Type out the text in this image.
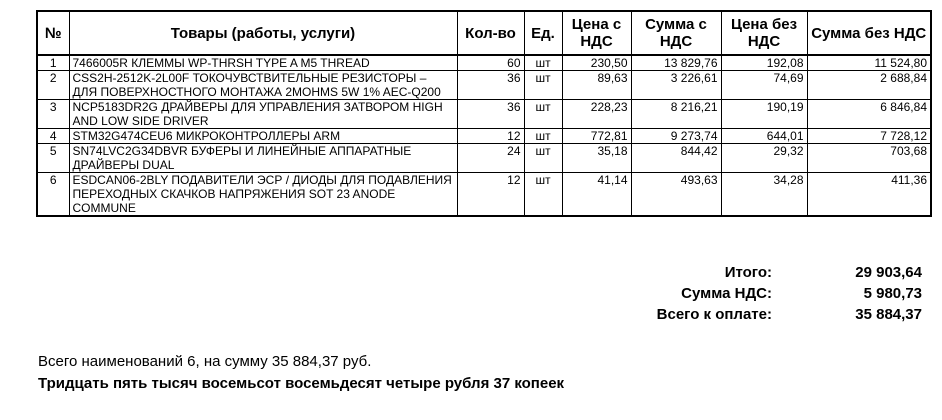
№	Товары (работы, услуги)	Кол-во	Ед.	Цена с НДС	Сумма с НДС	Цена без НДС	Сумма без НДС
1	7466005R КЛЕММЫ WP-THRSH TYPE A M5 THREAD	60	шт	230,50	13 829,76	192,08	11 524,80
2	CSS2H-2512K-2L00F ТОКОЧУВСТВИТЕЛЬНЫЕ РЕЗИСТОРЫ – ДЛЯ ПОВЕРХНОСТНОГО МОНТАЖА 2MOHMS 5W 1% AEC-Q200	36	шт	89,63	3 226,61	74,69	2 688,84
3	NCP5183DR2G ДРАЙВЕРЫ ДЛЯ УПРАВЛЕНИЯ ЗАТВОРОМ HIGH AND LOW SIDE DRIVER	36	шт	228,23	8 216,21	190,19	6 846,84
4	STM32G474CEU6 МИКРОКОНТРОЛЛЕРЫ ARM	12	шт	772,81	9 273,74	644,01	7 728,12
5	SN74LVC2G34DBVR БУФЕРЫ И ЛИНЕЙНЫЕ АППАРАТНЫЕ ДРАЙВЕРЫ DUAL	24	шт	35,18	844,42	29,32	703,68
6	ESDCAN06-2BLY ПОДАВИТЕЛИ ЭСР / ДИОДЫ ДЛЯ ПОДАВЛЕНИЯ ПЕРЕХОДНЫХ СКАЧКОВ НАПРЯЖЕНИЯ SOT 23 ANODE COMMUNE	12	шт	41,14	493,63	34,28	411,36
Итого:	29 903,64
Сумма НДС:	5 980,73
Всего к оплате:	35 884,37
Всего наименований 6, на сумму 35 884,37 руб.
Тридцать пять тысяч восемьсот восемьдесят четыре рубля 37 копеек
